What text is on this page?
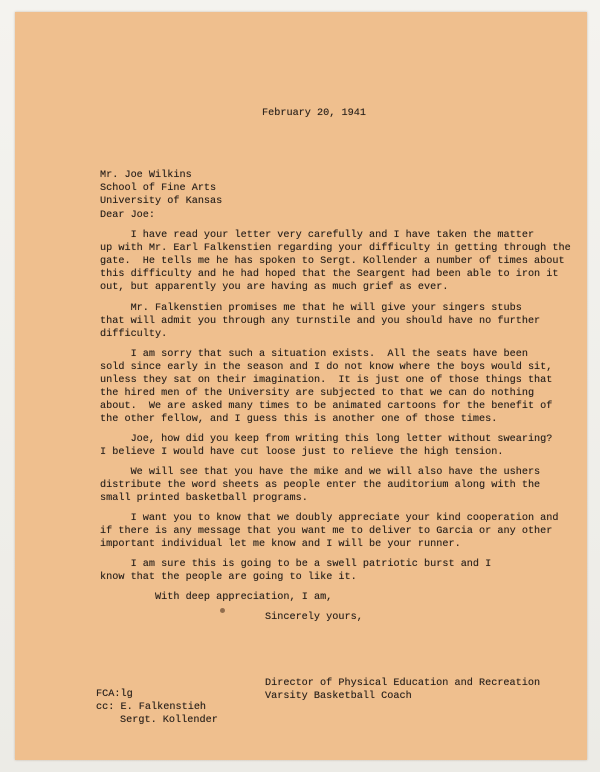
February 20, 1941
Mr. Joe Wilkins
School of Fine Arts
University of Kansas
Dear Joe:
I have read your letter very carefully and I have taken the matter
up with Mr. Earl Falkenstien regarding your difficulty in getting through the
gate.  He tells me he has spoken to Sergt. Kollender a number of times about
this difficulty and he had hoped that the Seargent had been able to iron it
out, but apparently you are having as much grief as ever.
Mr. Falkenstien promises me that he will give your singers stubs
that will admit you through any turnstile and you should have no further
difficulty.
I am sorry that such a situation exists.  All the seats have been
sold since early in the season and I do not know where the boys would sit,
unless they sat on their imagination.  It is just one of those things that
the hired men of the University are subjected to that we can do nothing
about.  We are asked many times to be animated cartoons for the benefit of
the other fellow, and I guess this is another one of those times.
Joe, how did you keep from writing this long letter without swearing?
I believe I would have cut loose just to relieve the high tension.
We will see that you have the mike and we will also have the ushers
distribute the word sheets as people enter the auditorium along with the
small printed basketball programs.
I want you to know that we doubly appreciate your kind cooperation and
if there is any message that you want me to deliver to Garcia or any other
important individual let me know and I will be your runner.
I am sure this is going to be a swell patriotic burst and I
know that the people are going to like it.
With deep appreciation, I am,
Sincerely yours,
Director of Physical Education and Recreation
Varsity Basketball Coach
FCA:lg
cc: E. Falkenstieh
Sergt. Kollender
